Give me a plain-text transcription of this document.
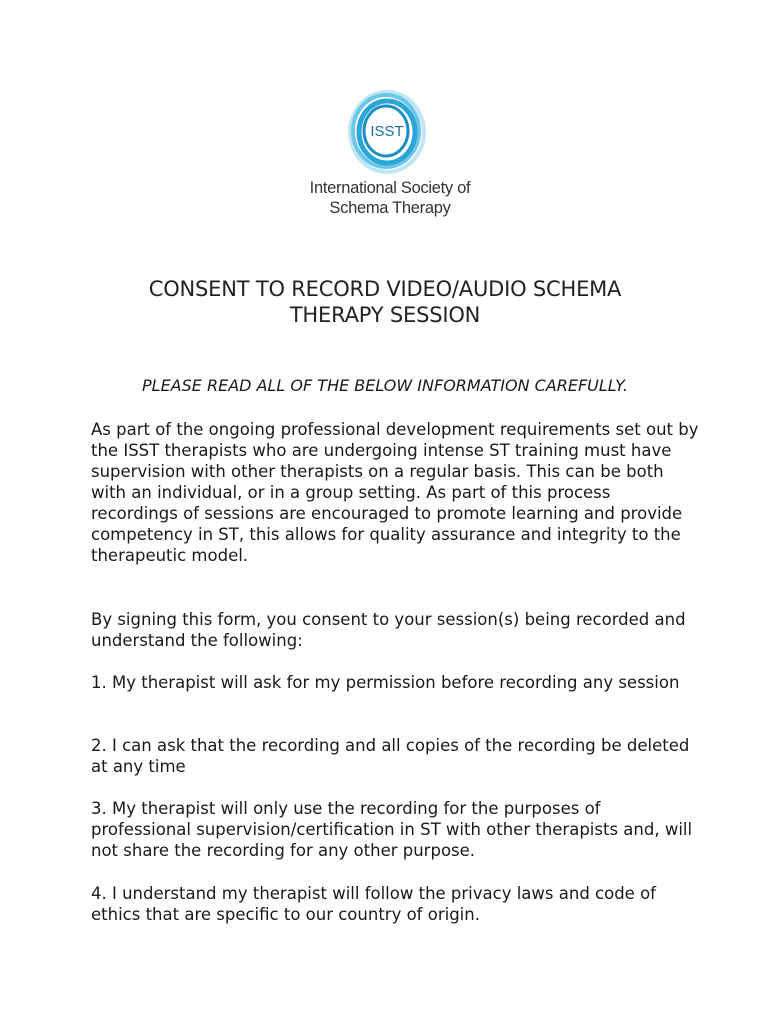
ISST
International Society of
Schema Therapy
CONSENT TO RECORD VIDEO/AUDIO SCHEMA
THERAPY SESSION
PLEASE READ ALL OF THE BELOW INFORMATION CAREFULLY.

As part of the ongoing professional development requirements set out by the ISST therapists who are undergoing intense ST training must have supervision with other therapists on a regular basis. This can be both with an individual, or in a group setting. As part of this process recordings of sessions are encouraged to promote learning and provide competency in ST, this allows for quality assurance and integrity to the therapeutic model.

By signing this form, you consent to your session(s) being recorded and understand the following:

1. My therapist will ask for my permission before recording any session

2. I can ask that the recording and all copies of the recording be deleted at any time

3. My therapist will only use the recording for the purposes of professional supervision/certification in ST with other therapists and, will not share the recording for any other purpose.

4. I understand my therapist will follow the privacy laws and code of ethics that are specific to our country of origin.
